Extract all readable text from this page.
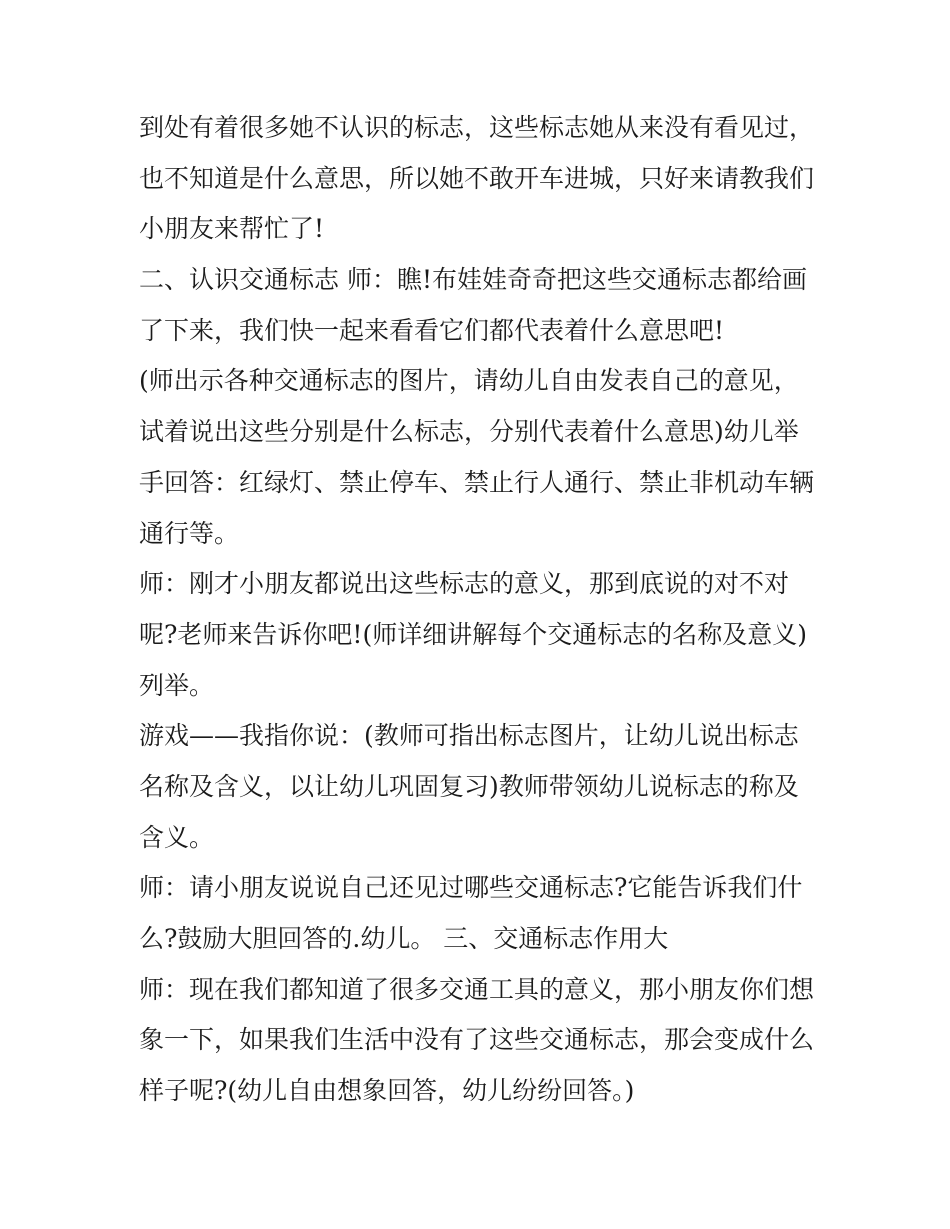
到处有着很多她不认识的标志，这些标志她从来没有看见过，
也不知道是什么意思，所以她不敢开车进城，只好来请教我们
小朋友来帮忙了!
二、认识交通标志 师：瞧!布娃娃奇奇把这些交通标志都给画
了下来，我们快一起来看看它们都代表着什么意思吧!
(师出示各种交通标志的图片，请幼儿自由发表自己的意见，
试着说出这些分别是什么标志，分别代表着什么意思)幼儿举
手回答：红绿灯、禁止停车、禁止行人通行、禁止非机动车辆
通行等。
师：刚才小朋友都说出这些标志的意义，那到底说的对不对
呢?老师来告诉你吧!(师详细讲解每个交通标志的名称及意义)
列举。
游戏——我指你说：(教师可指出标志图片，让幼儿说出标志
名称及含义，以让幼儿巩固复习)教师带领幼儿说标志的称及
含义。
师：请小朋友说说自己还见过哪些交通标志?它能告诉我们什
么?鼓励大胆回答的.幼儿。 三、交通标志作用大
师：现在我们都知道了很多交通工具的意义，那小朋友你们想
象一下，如果我们生活中没有了这些交通标志，那会变成什么
样子呢?(幼儿自由想象回答，幼儿纷纷回答。)
